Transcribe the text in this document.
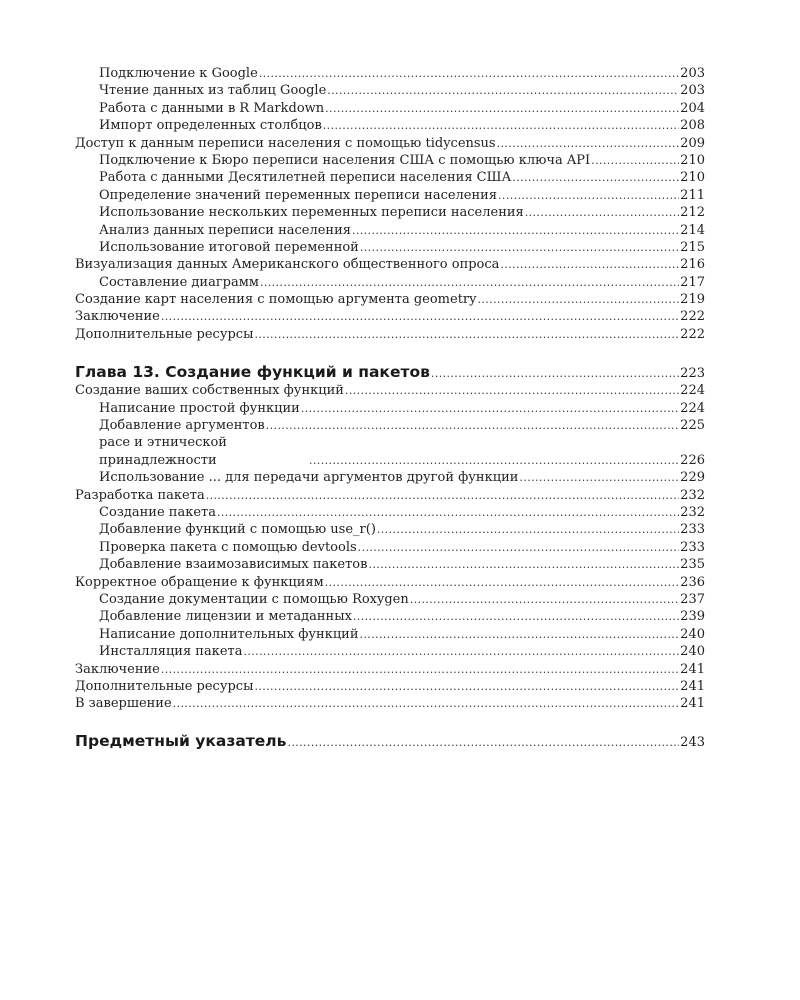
Подключение к Google .....	203
Чтение данных из таблиц Google .....	203
Работа с данными в R Markdown .....	204
Импорт определенных столбцов .....	208
Доступ к данным переписи населения с помощью tidycensus .....	209
Подключение к Бюро переписи населения США с помощью ключа API .....	210
Работа с данными Десятилетней переписи населения США .....	210
Определение значений переменных переписи населения .....	211
Использование нескольких переменных переписи населения .....	212
Анализ данных переписи населения .....	214
Использование итоговой переменной .....	215
Визуализация данных Американского общественного опроса .....	216
Составление диаграмм .....	217
Создание карт населения с помощью аргумента geometry .....	219
Заключение .....	222
Дополнительные ресурсы .....	222
Глава 13. Создание функций и пакетов .....	223
Создание ваших собственных функций .....	224
Написание простой функции .....	224
Добавление аргументов .....	225
расе и этнической принадлежности .....	226
Использование ... для передачи аргументов другой функции .....	229
Разработка пакета .....	232
Создание пакета .....	232
Добавление функций с помощью use_r() .....	233
Проверка пакета с помощью devtools .....	233
Добавление взаимозависимых пакетов .....	235
Корректное обращение к функциям .....	236
Создание документации с помощью Roxygen .....	237
Добавление лицензии и метаданных .....	239
Написание дополнительных функций .....	240
Инсталляция пакета .....	240
Заключение .....	241
Дополнительные ресурсы .....	241
В завершение .....	241
Предметный указатель .....	243
